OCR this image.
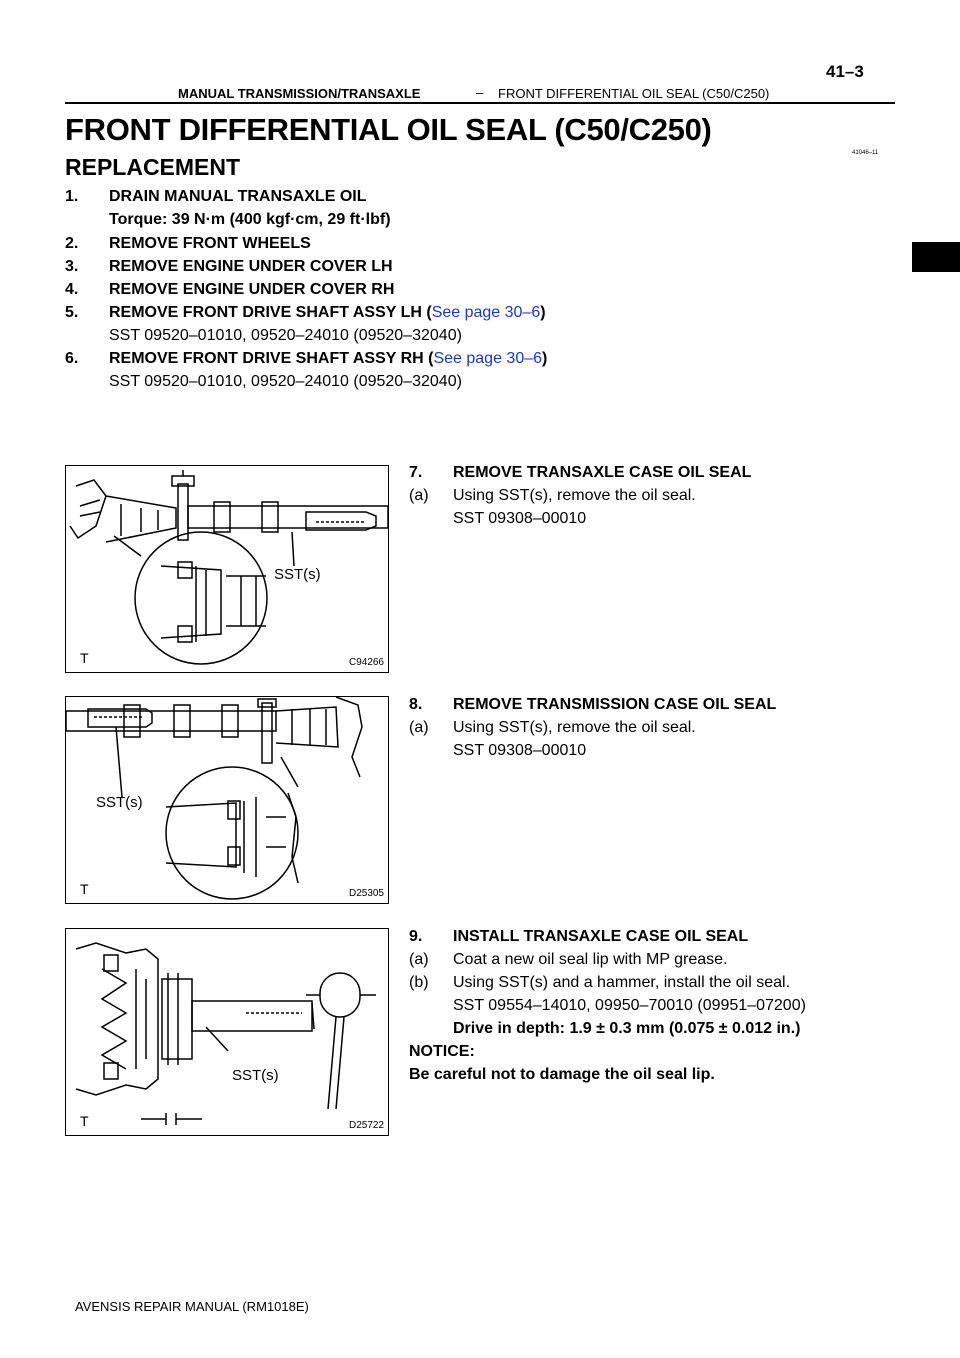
41–3
MANUAL TRANSMISSION/TRANSAXLE	– FRONT DIFFERENTIAL OIL SEAL (C50/C250)
FRONT DIFFERENTIAL OIL SEAL (C50/C250)
41046–11
REPLACEMENT
1. DRAIN MANUAL TRANSAXLE OIL
Torque: 39 N·m (400 kgf·cm, 29 ft·lbf)
2. REMOVE FRONT WHEELS
3. REMOVE ENGINE UNDER COVER LH
4. REMOVE ENGINE UNDER COVER RH
5. REMOVE FRONT DRIVE SHAFT ASSY LH (See page 30–6)
SST 09520–01010, 09520–24010 (09520–32040)
6. REMOVE FRONT DRIVE SHAFT ASSY RH (See page 30–6)
SST 09520–01010, 09520–24010 (09520–32040)
SST(s)
T	C94266
7. REMOVE TRANSAXLE CASE OIL SEAL
(a) Using SST(s), remove the oil seal.
SST 09308–00010
SST(s)
T	D25305
8. REMOVE TRANSMISSION CASE OIL SEAL
(a) Using SST(s), remove the oil seal.
SST 09308–00010
SST(s)
T	D25722
9. INSTALL TRANSAXLE CASE OIL SEAL
(a) Coat a new oil seal lip with MP grease.
(b) Using SST(s) and a hammer, install the oil seal.
SST 09554–14010, 09950–70010 (09951–07200)
Drive in depth: 1.9 ± 0.3 mm (0.075 ± 0.012 in.)
NOTICE:
Be careful not to damage the oil seal lip.
AVENSIS REPAIR MANUAL (RM1018E)
